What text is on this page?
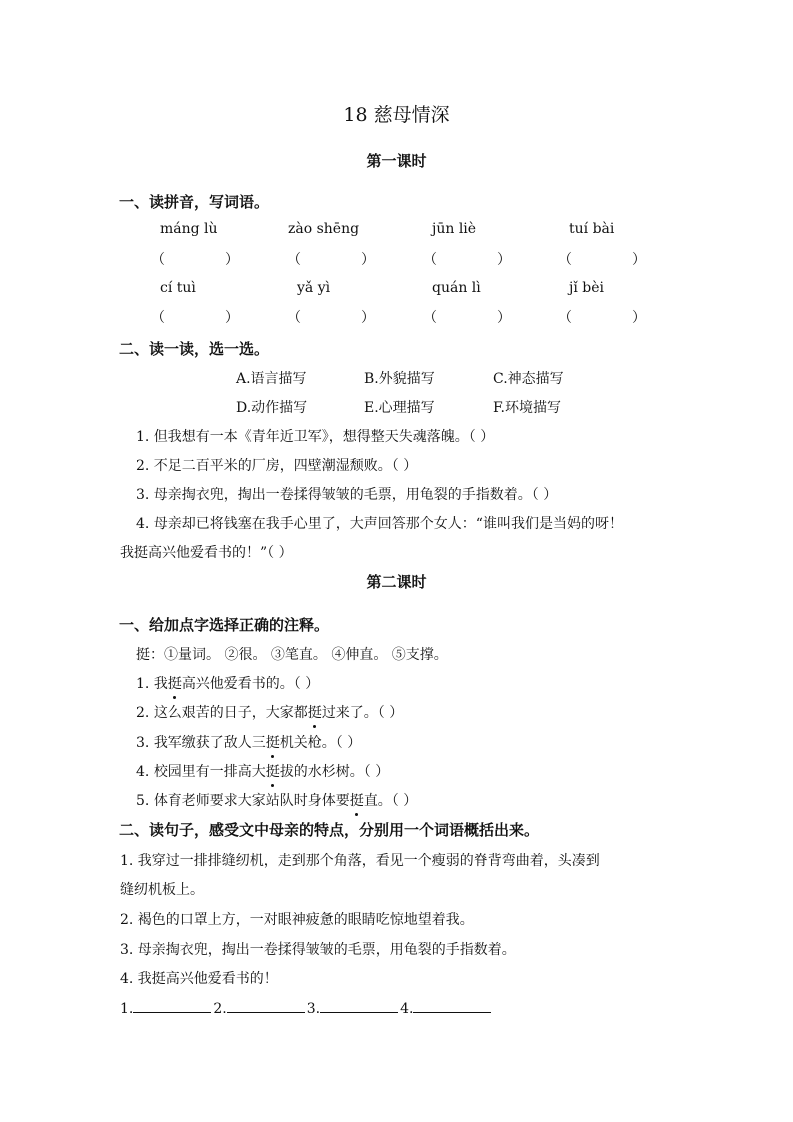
18 慈母情深
第一课时
一、读拼音，写词语。
máng lù	zào shēng	jūn liè	tuí bài
（	）	（	）	（	）	（	）
cí tuì	yǎ yì	quán lì	jǐ bèi
（	）	（	）	（	）	（	）
二、读一读，选一选。
A.语言描写	B.外貌描写	C.神态描写
D.动作描写	E.心理描写	F.环境描写
1. 但我想有一本《青年近卫军》，想得整天失魂落魄。（ ）
2. 不足二百平米的厂房，四壁潮湿颓败。（ ）
3. 母亲掏衣兜，掏出一卷揉得皱皱的毛票，用龟裂的手指数着。（ ）
4. 母亲却已将钱塞在我手心里了，大声回答那个女人：“谁叫我们是当妈的呀！
我挺高兴他爱看书的！”（ ）
第二课时
一、给加点字选择正确的注释。
挺：①量词。 ②很。 ③笔直。 ④伸直。 ⑤支撑。
1. 我挺高兴他爱看书的。（ ）
2. 这么艰苦的日子，大家都挺过来了。（ ）
3. 我军缴获了敌人三挺机关枪。（ ）
4. 校园里有一排高大挺拔的水杉树。（ ）
5. 体育老师要求大家站队时身体要挺直。（ ）
二、读句子，感受文中母亲的特点，分别用一个词语概括出来。
1. 我穿过一排排缝纫机，走到那个角落，看见一个瘦弱的脊背弯曲着，头凑到
缝纫机板上。
2. 褐色的口罩上方，一对眼神疲惫的眼睛吃惊地望着我。
3. 母亲掏衣兜，掏出一卷揉得皱皱的毛票，用龟裂的手指数着。
4. 我挺高兴他爱看书的！
1.	2.	3.	4.
